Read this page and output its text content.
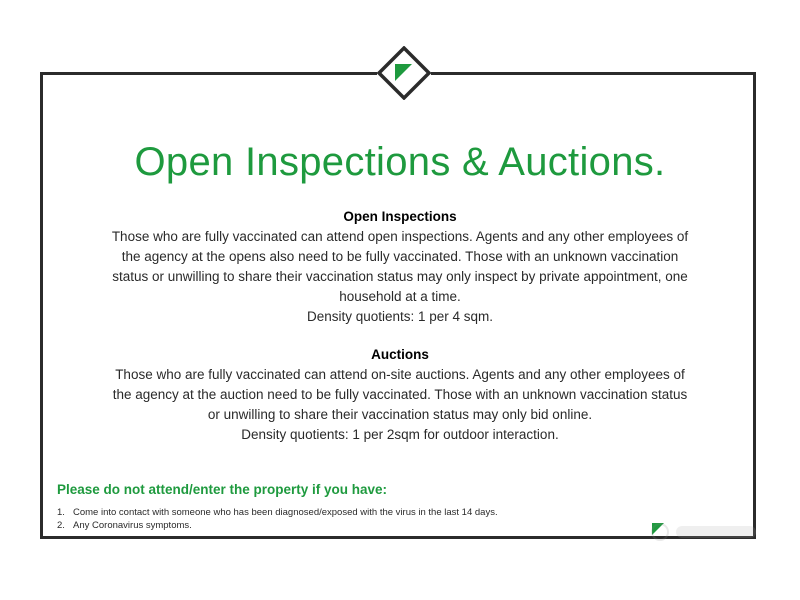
Open Inspections & Auctions.
Open Inspections

Those who are fully vaccinated can attend open inspections. Agents and any other employees of

the agency at the opens also need to be fully vaccinated. Those with an unknown vaccination

status or unwilling to share their vaccination status may only inspect by private appointment, one

household at a time.

Density quotients: 1 per 4 sqm.

Auctions

Those who are fully vaccinated can attend on-site auctions. Agents and any other employees of

the agency at the auction need to be fully vaccinated. Those with an unknown vaccination status

or unwilling to share their vaccination status may only bid online.

Density quotients: 1 per 2sqm for outdoor interaction.

Please do not attend/enter the property if you have:
1. Come into contact with someone who has been diagnosed/exposed with the virus in the last 14 days.
2. Any Coronavirus symptoms.
